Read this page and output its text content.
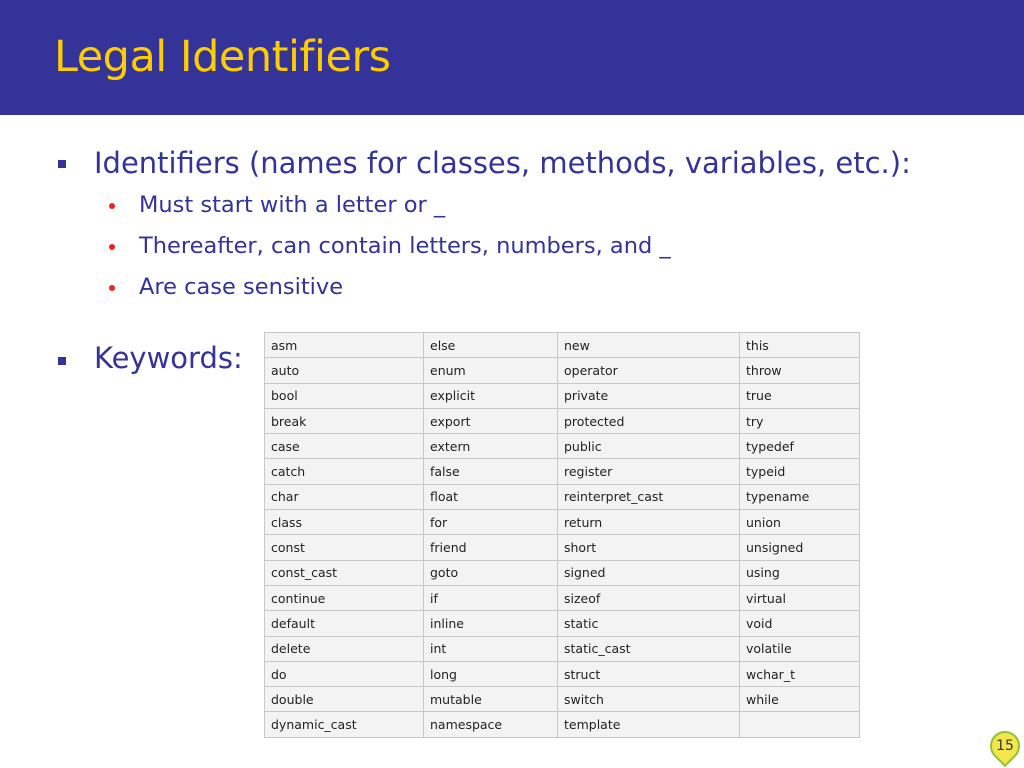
Legal Identifiers
Identifiers (names for classes, methods, variables, etc.):
Must start with a letter or _
Thereafter, can contain letters, numbers, and _
Are case sensitive
Keywords: asm	else	new	this
auto	enum	operator	throw
bool	explicit	private	true
break	export	protected	try
case	extern	public	typedef
catch	false	register	typeid
char	float	reinterpret_cast	typename
class	for	return	union
const	friend	short	unsigned
const_cast	goto	signed	using
continue	if	sizeof	virtual
default	inline	static	void
delete	int	static_cast	volatile
do	long	struct	wchar_t
double	mutable	switch	while
dynamic_cast	namespace	template	
15
